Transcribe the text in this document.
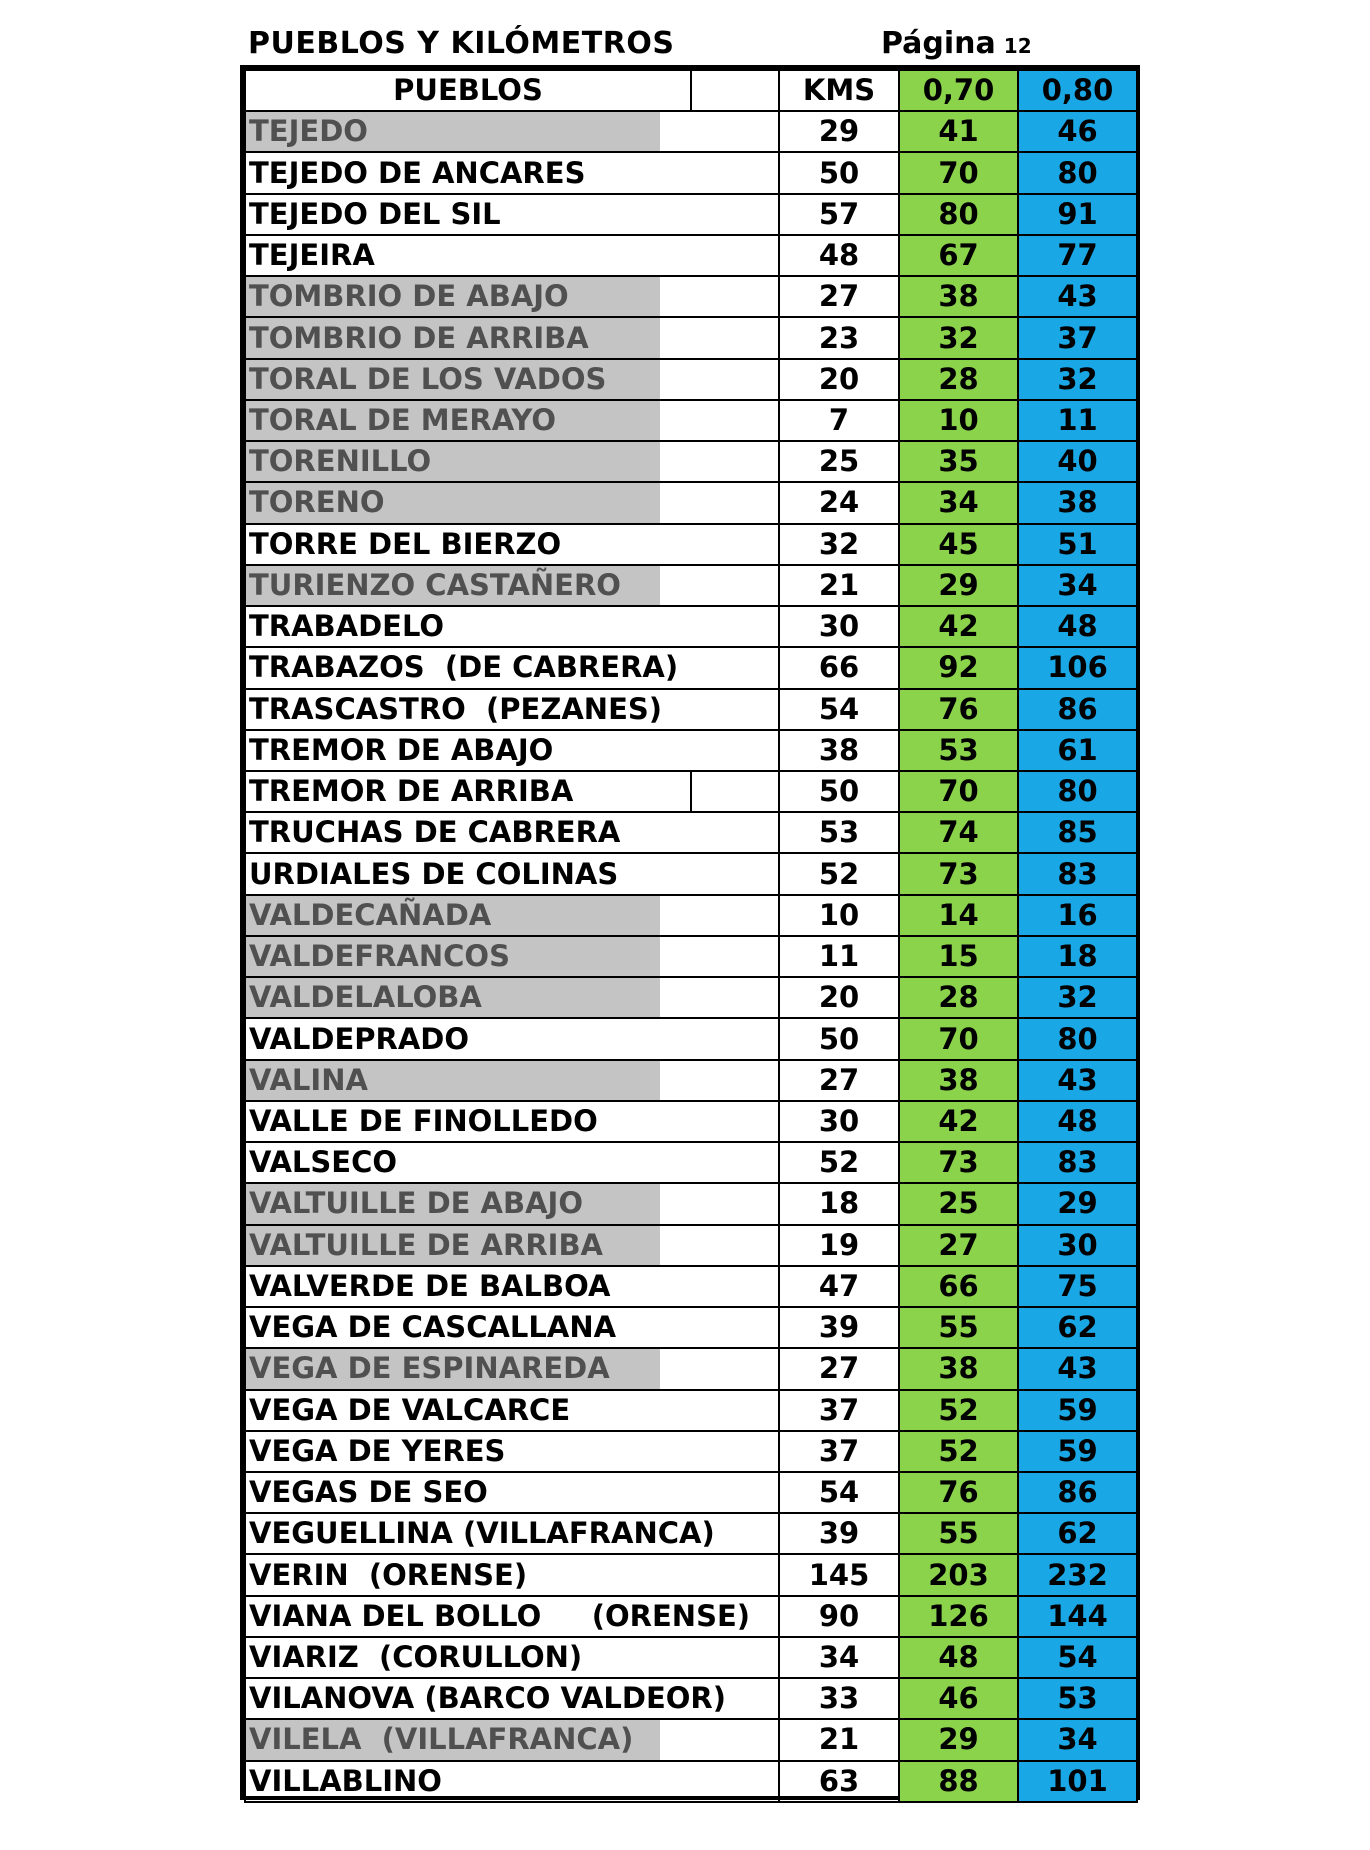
PUEBLOS Y KILÓMETROS	Página 12
PUEBLOS		KMS	0,70	0,80
TEJEDO		29	41	46
TEJEDO DE ANCARES		50	70	80
TEJEDO DEL SIL		57	80	91
TEJEIRA		48	67	77
TOMBRIO DE ABAJO		27	38	43
TOMBRIO DE ARRIBA		23	32	37
TORAL DE LOS VADOS		20	28	32
TORAL DE MERAYO		7	10	11
TORENILLO		25	35	40
TORENO		24	34	38
TORRE DEL BIERZO		32	45	51
TURIENZO CASTAÑERO		21	29	34
TRABADELO		30	42	48
TRABAZOS  (DE CABRERA)		66	92	106
TRASCASTRO  (PEZANES)		54	76	86
TREMOR DE ABAJO		38	53	61
TREMOR DE ARRIBA		50	70	80
TRUCHAS DE CABRERA		53	74	85
URDIALES DE COLINAS		52	73	83
VALDECAÑADA		10	14	16
VALDEFRANCOS		11	15	18
VALDELALOBA		20	28	32
VALDEPRADO		50	70	80
VALINA		27	38	43
VALLE DE FINOLLEDO		30	42	48
VALSECO		52	73	83
VALTUILLE DE ABAJO		18	25	29
VALTUILLE DE ARRIBA		19	27	30
VALVERDE DE BALBOA		47	66	75
VEGA DE CASCALLANA		39	55	62
VEGA DE ESPINAREDA		27	38	43
VEGA DE VALCARCE		37	52	59
VEGA DE YERES		37	52	59
VEGAS DE SEO		54	76	86
VEGUELLINA (VILLAFRANCA)		39	55	62
VERIN  (ORENSE)		145	203	232
VIANA DEL BOLLO     (ORENSE)		90	126	144
VIARIZ  (CORULLON)		34	48	54
VILANOVA (BARCO VALDEOR)		33	46	53
VILELA  (VILLAFRANCA)		21	29	34
VILLABLINO		63	88	101
